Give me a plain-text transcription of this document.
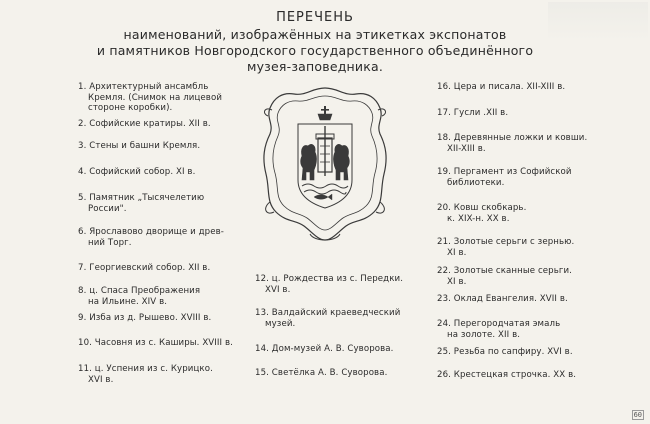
ПЕРЕЧЕНЬ
наименований, изображённых на этикетках экспонатов
и памятников Новгородского государственного объединённого
музея-заповедника.
1. Архитектурный ансамбль
Кремля. (Снимок на лицевой
стороне коробки).
2. Софийские кратиры. XII в.
3. Стены и башни Кремля.
4. Софийский собор. XI в.
5. Памятник „Тысячелетию
России".
6. Ярославово дворище и древ-
ний Торг.
7. Георгиевский собор. XII в.
8. ц. Спаса Преображения
на Ильине. XIV в.
9. Изба из д. Рышево. XVIII в.
10. Часовня из с. Каширы. XVIII в.
11. ц. Успения из с. Курицко.
XVI в.
12. ц. Рождества из с. Передки.
XVI в.
13. Валдайский краеведческий
музей.
14. Дом-музей А. В. Суворова.
15. Светёлка А. В. Суворова.
16. Цера и писала. XII-XIII в.
17. Гусли .XII в.
18. Деревянные ложки и ковши.
XII-XIII в.
19. Пергамент из Софийской
библиотеки.
20. Ковш скобкарь.
к. XIX-н. XX в.
21. Золотые серьги с зернью.
XI в.
22. Золотые сканные серьги.
XI в.
23. Оклад Евангелия. XVII в.
24. Перегородчатая эмаль
на золоте. XII в.
25. Резьба по сапфиру. XVI в.
26. Крестецкая строчка. XX в.
60
